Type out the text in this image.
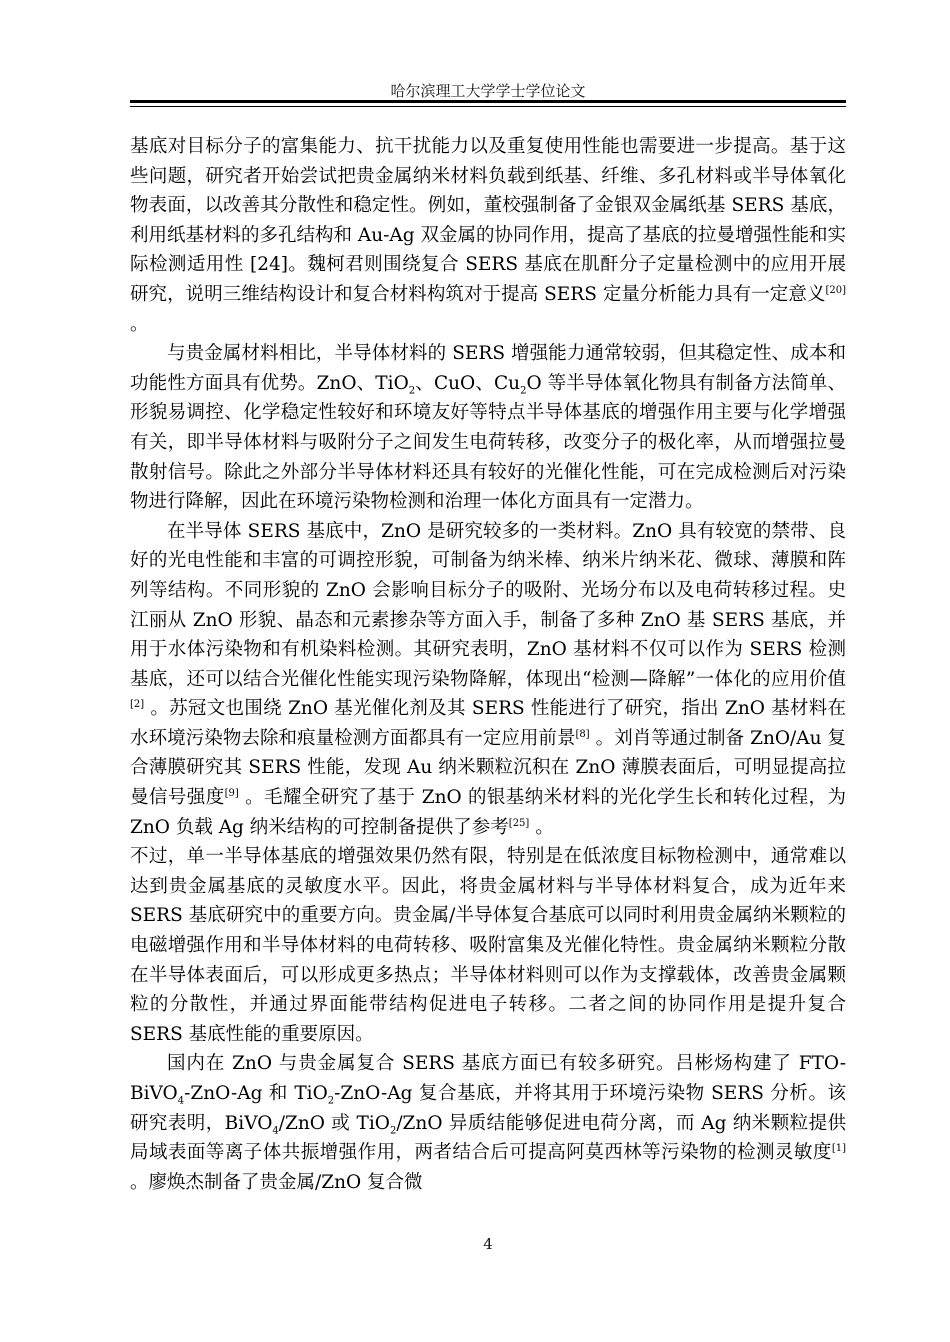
哈尔滨理工大学学士学位论文

基底对目标分子的富集能力、抗干扰能力以及重复使用性能也需要进一步提高。基于这些问题，研究者开始尝试把贵金属纳米材料负载到纸基、纤维、多孔材料或半导体氧化物表面，以改善其分散性和稳定性。例如，董校强制备了金银双金属纸基 SERS 基底，利用纸基材料的多孔结构和 Au-Ag 双金属的协同作用，提高了基底的拉曼增强性能和实际检测适用性 [24]。魏柯君则围绕复合 SERS 基底在肌酐分子定量检测中的应用开展研究，说明三维结构设计和复合材料构筑对于提高 SERS 定量分析能力具有一定意义[20] 。

与贵金属材料相比，半导体材料的 SERS 增强能力通常较弱，但其稳定性、成本和功能性方面具有优势。ZnO、TiO$_2$、CuO、$Cu_2O$ 等半导体氧化物具有制备方法简单、形貌易调控、化学稳定性较好和环境友好等特点半导体基底的增强作用主要与化学增强有关，即半导体材料与吸附分子之间发生电荷转移，改变分子的极化率，从而增强拉曼散射信号。除此之外部分半导体材料还具有较好的光催化性能，可在完成检测后对污染物进行降解，因此在环境污染物检测和治理一体化方面具有一定潜力。

在半导体 SERS 基底中，ZnO 是研究较多的一类材料。ZnO 具有较宽的禁带、良好的光电性能和丰富的可调控形貌，可制备为纳米棒、纳米片纳米花、微球、薄膜和阵列等结构。不同形貌的 ZnO 会影响目标分子的吸附、光场分布以及电荷转移过程。史江丽从 ZnO 形貌、晶态和元素掺杂等方面入手，制备了多种 ZnO 基 SERS 基底，并用于水体污染物和有机染料检测。其研究表明，ZnO 基材料不仅可以作为 SERS 检测基底，还可以结合光催化性能实现污染物降解，体现出“检测—降解”一体化的应用价值[2] 。苏冠文也围绕 ZnO 基光催化剂及其 SERS 性能进行了研究，指出 ZnO 基材料在水环境污染物去除和痕量检测方面都具有一定应用前景[8] 。刘肖等通过制备 ZnO/Au 复合薄膜研究其 SERS 性能，发现 Au 纳米颗粒沉积在 ZnO 薄膜表面后，可明显提高拉曼信号强度[9] 。毛耀全研究了基于 ZnO 的银基纳米材料的光化学生长和转化过程，为 ZnO 负载 Ag 纳米结构的可控制备提供了参考[25] 。

不过，单一半导体基底的增强效果仍然有限，特别是在低浓度目标物检测中，通常难以达到贵金属基底的灵敏度水平。因此，将贵金属材料与半导体材料复合，成为近年来 SERS 基底研究中的重要方向。贵金属/半导体复合基底可以同时利用贵金属纳米颗粒的电磁增强作用和半导体材料的电荷转移、吸附富集及光催化特性。贵金属纳米颗粒分散在半导体表面后，可以形成更多热点；半导体材料则可以作为支撑载体，改善贵金属颗粒的分散性，并通过界面能带结构促进电子转移。二者之间的协同作用是提升复合 SERS 基底性能的重要原因。

国内在 ZnO 与贵金属复合 SERS 基底方面已有较多研究。吕彬炀构建了 FTO-BiVO$_4$-ZnO-Ag 和 TiO$_2$-ZnO-Ag 复合基底，并将其用于环境污染物 SERS 分析。该研究表明，BiVO$_4$/ZnO 或 TiO$_2$/ZnO 异质结能够促进电荷分离，而 Ag 纳米颗粒提供局域表面等离子体共振增强作用，两者结合后可提高阿莫西林等污染物的检测灵敏度[1] 。廖焕杰制备了贵金属/ZnO 复合微

4
